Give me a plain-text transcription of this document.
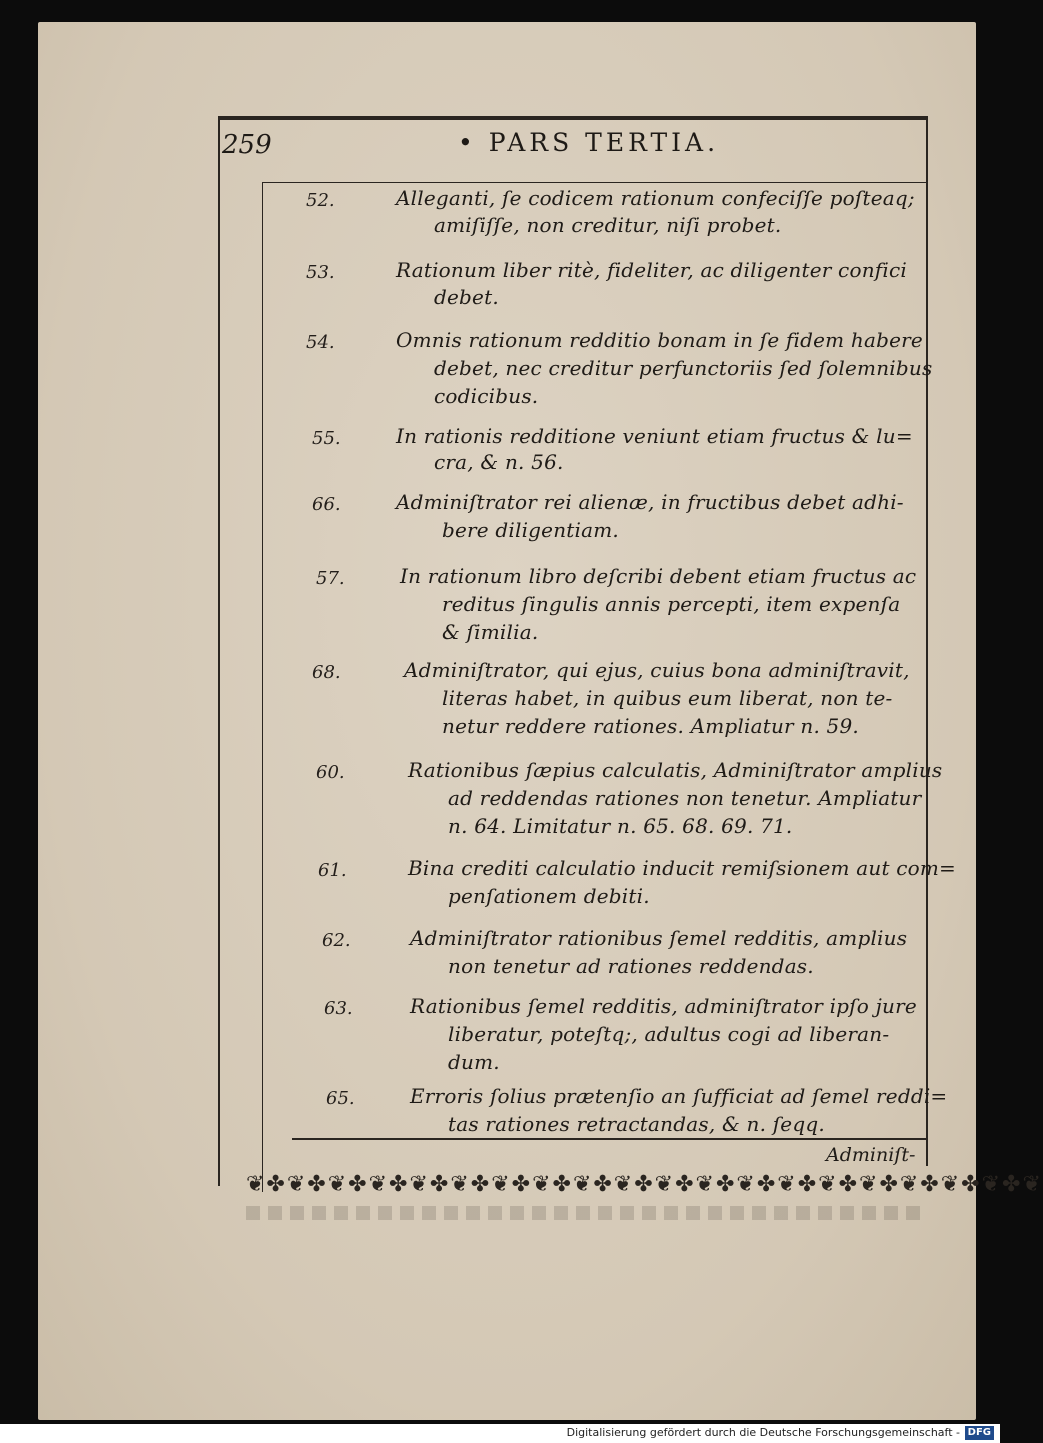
259	• PARS TERTIA.
52.	Alleganti, ſe codicem rationum confeciſſe poſteaq;
amiſiſſe, non creditur, niſi probet.
53.	Rationum liber ritè, fideliter, ac diligenter confici
debet.
54.	Omnis rationum redditio bonam in ſe fidem habere
debet, nec creditur perfunctoriis ſed ſolemnibus
codicibus.
55.	In rationis redditione veniunt etiam fructus & lu=
cra, & n. 56.
66.	Adminiſtrator rei alienæ, in fructibus debet adhi-
bere diligentiam.
57.	In rationum libro deſcribi debent etiam fructus ac
reditus ſingulis annis percepti, item expenſa
& ſimilia.
68.	Adminiſtrator, qui ejus, cuius bona adminiſtravit,
literas habet, in quibus eum liberat, non te-
netur reddere rationes. Ampliatur n. 59.
60.	Rationibus ſæpius calculatis, Adminiſtrator amplius
ad reddendas rationes non tenetur. Ampliatur
n. 64. Limitatur n. 65. 68. 69. 71.
61.	Bina crediti calculatio inducit remiſsionem aut com=
penſationem debiti.
62.	Adminiſtrator rationibus ſemel redditis, amplius
non tenetur ad rationes reddendas.
63.	Rationibus ſemel redditis, adminiſtrator ipſo jure
liberatur, poteſtq;, adultus cogi ad liberan-
dum.
65.	Erroris ſolius prætenſio an ſufficiat ad ſemel reddi=
tas rationes retractandas, & n. ſeqq.
Adminiſt-
❦✤❦✤❦✤❦✤❦✤❦✤❦✤❦✤❦✤❦✤❦✤❦✤❦✤❦✤❦✤❦✤❦✤❦✤❦✤❦
Digitalisierung gefördert durch die Deutsche Forschungsgemeinschaft - DFG
